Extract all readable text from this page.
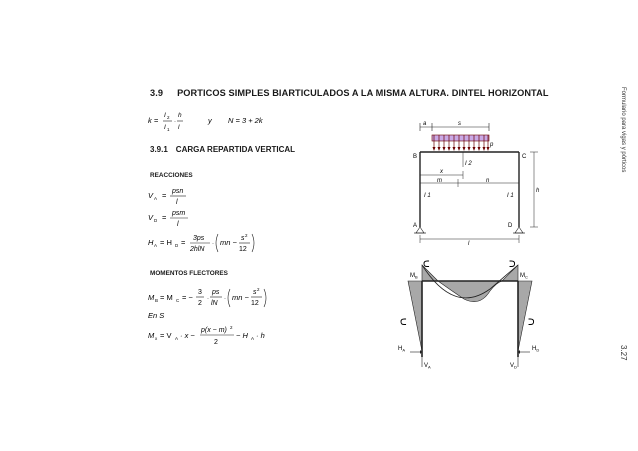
Formulario para vigas y pórticos
3.27
3.9 PORTICOS SIMPLES BIARTICULADOS A LA MISMA ALTURA. DINTEL HORIZONTAL
k =
I 2
I 1
·
h
l
y N = 3 + 2k
3.9.1 CARGA REPARTIDA VERTICAL
REACCIONES
V A = psn
l
V D = psm
l
H A = H D = 3ps
2hlN
· mn − s 2
12
MOMENTOS FLECTORES
M B = M C = −
3
2
·
ps
lN
· mn −
s 2
12
En S
M x = V A · x −
p(x − m) 2
2
− H A · h
a	s
p
B	C
A	D
I 2
x
m	n
I 1	I 1
h
l
ᑕ	ᑐ
ᑕ	ᑐ
$M_B$	$M_C$
$H_A$	$H_D$
$V_A$	$V_D$
